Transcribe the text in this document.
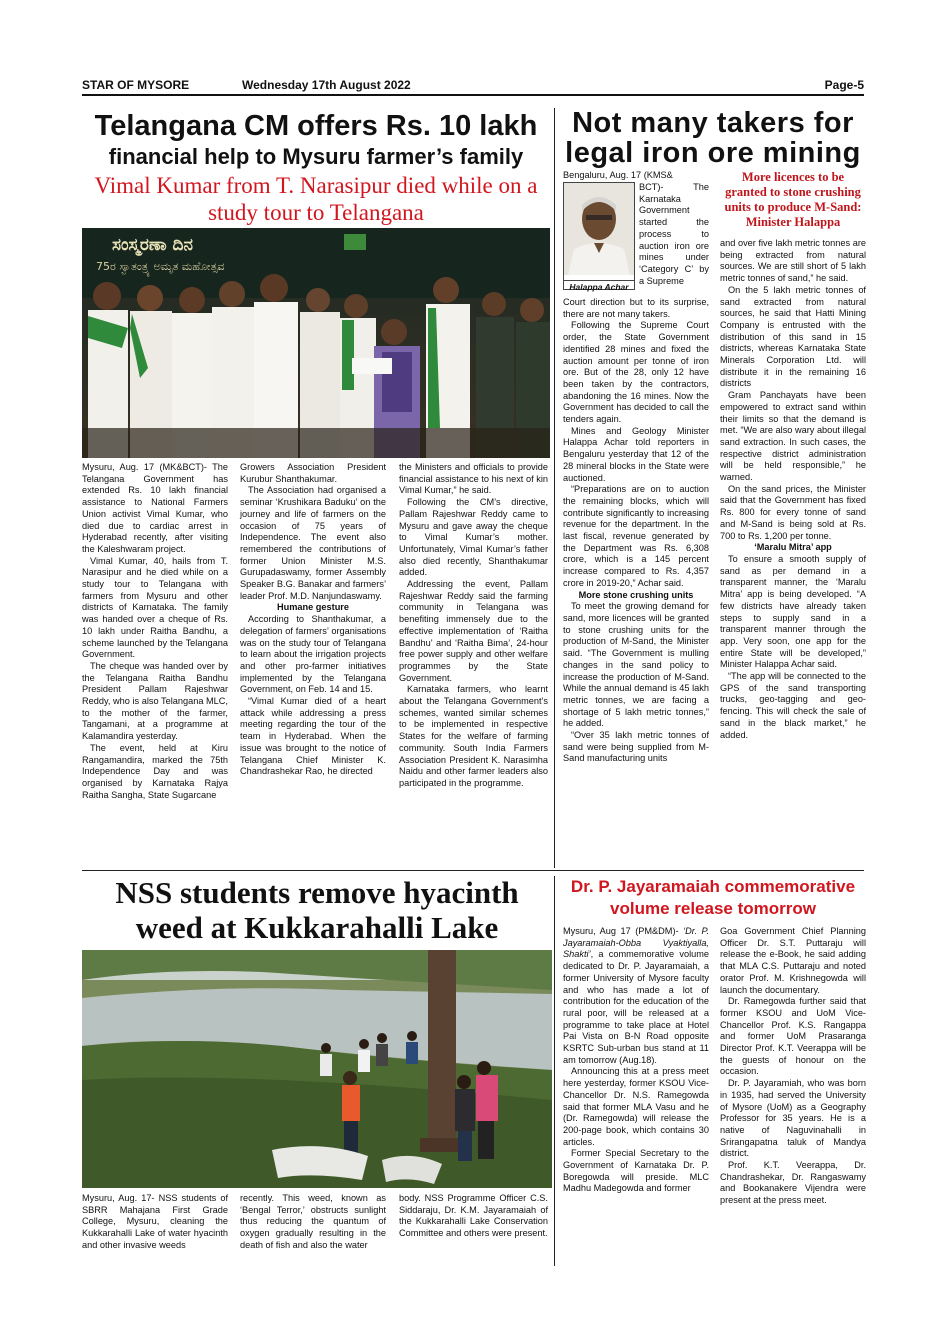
STAR OF MYSORE	Wednesday 17th August 2022	Page-5
Telangana CM offers Rs. 10 lakh
financial help to Mysuru farmer’s family
Vimal Kumar from T. Narasipur died while on a study tour to Telangana
ಸಂಸ್ಮರಣಾ ದಿನ
75ರ ಸ್ವಾತಂತ್ರ್ಯ ಅಮೃತ ಮಹೋತ್ಸವ

Mysuru, Aug. 17 (MK&BCT)- The Telangana Government has extended Rs. 10 lakh financial assistance to National Farmers Union activist Vimal Kumar, who died due to cardiac arrest in Hyderabad recently, after visiting the Kaleshwaram project.

Vimal Kumar, 40, hails from T. Narasipur and he died while on a study tour to Telangana with farmers from Mysuru and other districts of Karnataka. The family was handed over a cheque of Rs. 10 lakh under Raitha Bandhu, a scheme launched by the Telangana Government.

The cheque was handed over by the Telangana Raitha Bandhu President Pallam Rajeshwar Reddy, who is also Telangana MLC, to the mother of the farmer, Tangamani, at a programme at Kalamandira yesterday.

The event, held at Kiru Rangamandira, marked the 75th Independence Day and was organised by Karnataka Rajya Raitha Sangha, State Sugarcane

Growers Association President Kurubur Shanthakumar.

The Association had organised a seminar ‘Krushikara Baduku’ on the journey and life of farmers on the occasion of 75 years of Independence. The event also remembered the contributions of former Union Minister M.S. Gurupadaswamy, former Assembly Speaker B.G. Banakar and farmers’ leader Prof. M.D. Nanjundaswamy.

Humane gesture

According to Shanthakumar, a delegation of farmers’ organisations was on the study tour of Telangana to learn about the irrigation projects and other pro-farmer initiatives implemented by the Telangana Government, on Feb. 14 and 15.

“Vimal Kumar died of a heart attack while addressing a press meeting regarding the tour of the team in Hyderabad. When the issue was brought to the notice of Telangana Chief Minister K. Chandrashekar Rao, he directed

the Ministers and officials to provide financial assistance to his next of kin Vimal Kumar,” he said.

Following the CM’s directive, Pallam Rajeshwar Reddy came to Mysuru and gave away the cheque to Vimal Kumar’s mother. Unfortunately, Vimal Kumar’s father also died recently, Shanthakumar added.

Addressing the event, Pallam Rajeshwar Reddy said the farming community in Telangana was benefiting immensely due to the effective implementation of ‘Raitha Bandhu’ and ‘Raitha Bima’, 24-hour free power supply and other welfare programmes by the State Government.

Karnataka farmers, who learnt about the Telangana Government’s schemes, wanted similar schemes to be implemented in respective States for the welfare of farming community. South India Farmers Association President K. Narasimha Naidu and other farmer leaders also participated in the programme.

Not many takers for
legal iron ore mining
Halappa Achar

Bengaluru, Aug. 17 (KMS&

BCT)- The Karnataka Government started the process to auction iron ore mines under ‘Category C’ by a Supreme

Court direction but to its surprise, there are not many takers.

Following the Supreme Court order, the State Government identified 28 mines and fixed the auction amount per tonne of iron ore. But of the 28, only 12 have been taken by the contractors, abandoning the 16 mines. Now the Government has decided to call the tenders again.

Mines and Geology Minister Halappa Achar told reporters in Bengaluru yesterday that 12 of the 28 mineral blocks in the State were auctioned.

“Preparations are on to auction the remaining blocks, which will contribute significantly to increasing revenue for the department. In the last fiscal, revenue generated by the Department was Rs. 6,308 crore, which is a 145 percent increase compared to Rs. 4,357 crore in 2019-20,” Achar said.

More stone crushing units

To meet the growing demand for sand, more licences will be granted to stone crushing units for the production of M-Sand, the Minister said. “The Government is mulling changes in the sand policy to increase the production of M-Sand. While the annual demand is 45 lakh metric tonnes, we are facing a shortage of 5 lakh metric tonnes,” he added.

“Over 35 lakh metric tonnes of sand were being supplied from M-Sand manufacturing units

More licences to be granted to stone crushing units to produce M-Sand: Minister Halappa

and over five lakh metric tonnes are being extracted from natural sources. We are still short of 5 lakh metric tonnes of sand,” he said.

On the 5 lakh metric tonnes of sand extracted from natural sources, he said that Hatti Mining Company is entrusted with the distribution of this sand in 15 districts, whereas Karnataka State Minerals Corporation Ltd. will distribute it in the remaining 16 districts

Gram Panchayats have been empowered to extract sand within their limits so that the demand is met. “We are also wary about illegal sand extraction. In such cases, the respective district administration will be held responsible,” he warned.

On the sand prices, the Minister said that the Government has fixed Rs. 800 for every tonne of sand and M-Sand is being sold at Rs. 700 to Rs. 1,200 per tonne.

‘Maralu Mitra’ app

To ensure a smooth supply of sand as per demand in a transparent manner, the ‘Maralu Mitra’ app is being developed. “A few districts have already taken steps to supply sand in a transparent manner through the app. Very soon, one app for the entire State will be developed,” Minister Halappa Achar said.

“The app will be connected to the GPS of the sand transporting trucks, geo-tagging and geo-fencing. This will check the sale of sand in the black market,” he added.

NSS students remove hyacinth
weed at Kukkarahalli Lake

Mysuru, Aug. 17- NSS students of SBRR Mahajana First Grade College, Mysuru, cleaning the Kukkarahalli Lake of water hyacinth and other invasive weeds

recently. This weed, known as ‘Bengal Terror,’ obstructs sunlight thus reducing the quantum of oxygen gradually resulting in the death of fish and also the water

body. NSS Programme Officer C.S. Siddaraju, Dr. K.M. Jayaramaiah of the Kukkarahalli Lake Conservation Committee and others were present.

Dr. P. Jayaramaiah commemorative
volume release tomorrow

Mysuru, Aug 17 (PM&DM)- ‘Dr. P. Jayaramaiah-Obba Vyaktiyalla, Shakti’, a commemorative volume dedicated to Dr. P. Jayaramaiah, a former University of Mysore faculty and who has made a lot of contribution for the education of the rural poor, will be released at a programme to take place at Hotel Pai Vista on B-N Road opposite KSRTC Sub-urban bus stand at 11 am tomorrow (Aug.18).

Announcing this at a press meet here yesterday, former KSOU Vice-Chancellor Dr. N.S. Ramegowda said that former MLA Vasu and he (Dr. Ramegowda) will release the 200-page book, which contains 30 articles.

Former Special Secretary to the Government of Karnataka Dr. P. Boregowda will preside. MLC Madhu Madegowda and former

Goa Government Chief Planning Officer Dr. S.T. Puttaraju will release the e-Book, he said adding that MLA C.S. Puttaraju and noted orator Prof. M. Krishnegowda will launch the documentary.

Dr. Ramegowda further said that former KSOU and UoM Vice-Chancellor Prof. K.S. Rangappa and former UoM Prasaranga Director Prof. K.T. Veerappa will be the guests of honour on the occasion.

Dr. P. Jayaramiah, who was born in 1935, had served the University of Mysore (UoM) as a Geography Professor for 35 years. He is a native of Naguvinahalli in Srirangapatna taluk of Mandya district.

Prof. K.T. Veerappa, Dr. Chandrashekar, Dr. Rangaswamy and Bookanakere Vijendra were present at the press meet.
